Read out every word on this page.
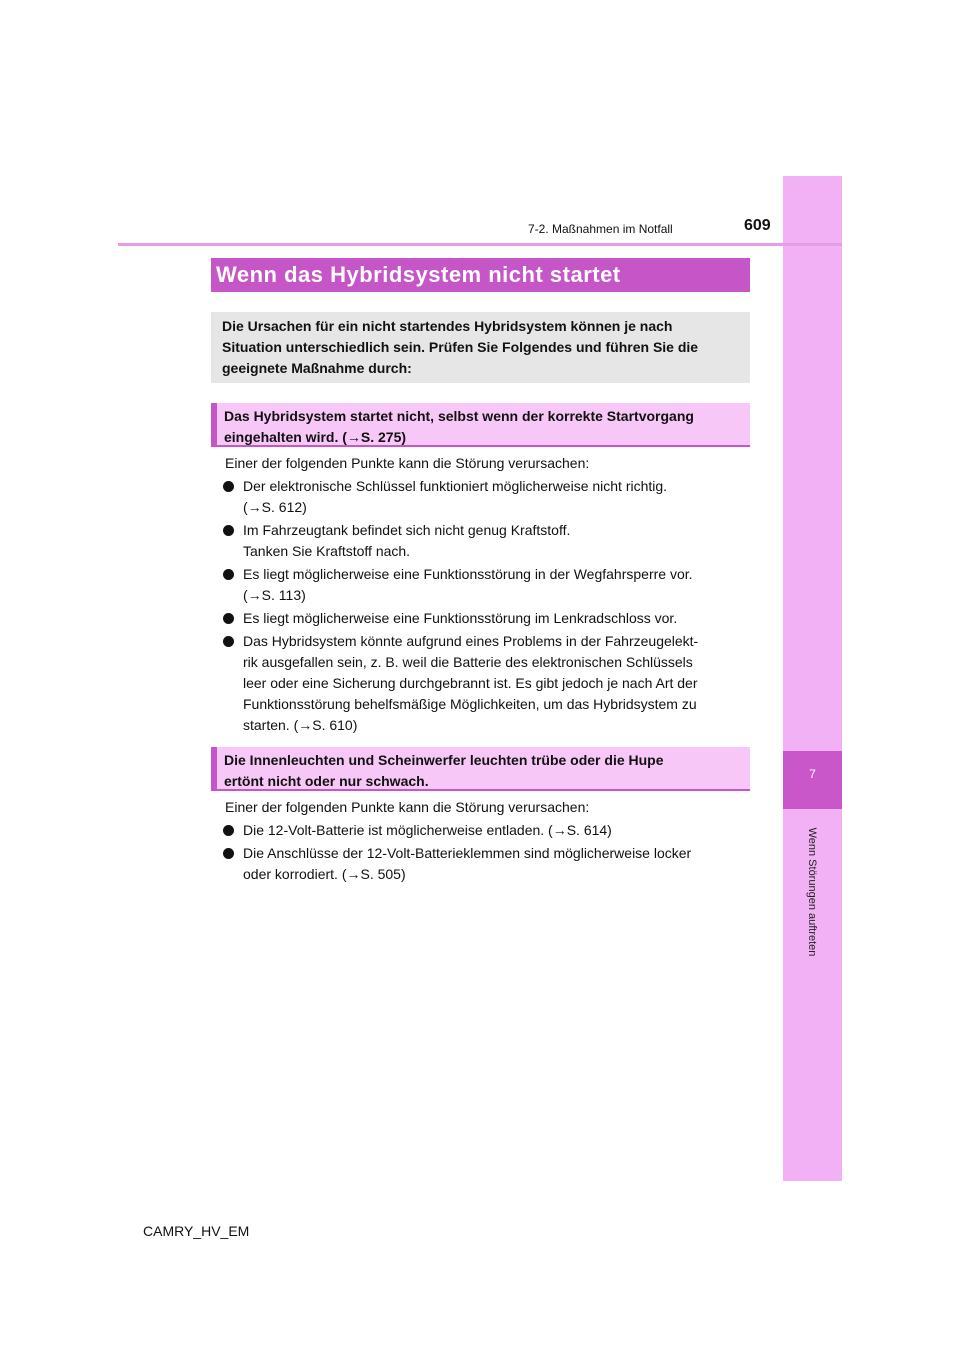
7
Wenn Störungen auftreten
7-2. Maßnahmen im Notfall	609
Wenn das Hybridsystem nicht startet
Die Ursachen für ein nicht startendes Hybridsystem können je nach
Situation unterschiedlich sein. Prüfen Sie Folgendes und führen Sie die
geeignete Maßnahme durch:
Das Hybridsystem startet nicht, selbst wenn der korrekte Startvorgang
eingehalten wird. (→S. 275)
Einer der folgenden Punkte kann die Störung verursachen:
Der elektronische Schlüssel funktioniert möglicherweise nicht richtig.
(→S. 612)
Im Fahrzeugtank befindet sich nicht genug Kraftstoff.
Tanken Sie Kraftstoff nach.
Es liegt möglicherweise eine Funktionsstörung in der Wegfahrsperre vor.
(→S. 113)
Es liegt möglicherweise eine Funktionsstörung im Lenkradschloss vor.
Das Hybridsystem könnte aufgrund eines Problems in der Fahrzeugelekt-
rik ausgefallen sein, z. B. weil die Batterie des elektronischen Schlüssels
leer oder eine Sicherung durchgebrannt ist. Es gibt jedoch je nach Art der
Funktionsstörung behelfsmäßige Möglichkeiten, um das Hybridsystem zu
starten. (→S. 610)
Die Innenleuchten und Scheinwerfer leuchten trübe oder die Hupe
ertönt nicht oder nur schwach.
Einer der folgenden Punkte kann die Störung verursachen:
Die 12-Volt-Batterie ist möglicherweise entladen. (→S. 614)
Die Anschlüsse der 12-Volt-Batterieklemmen sind möglicherweise locker
oder korrodiert. (→S. 505)
CAMRY_HV_EM
